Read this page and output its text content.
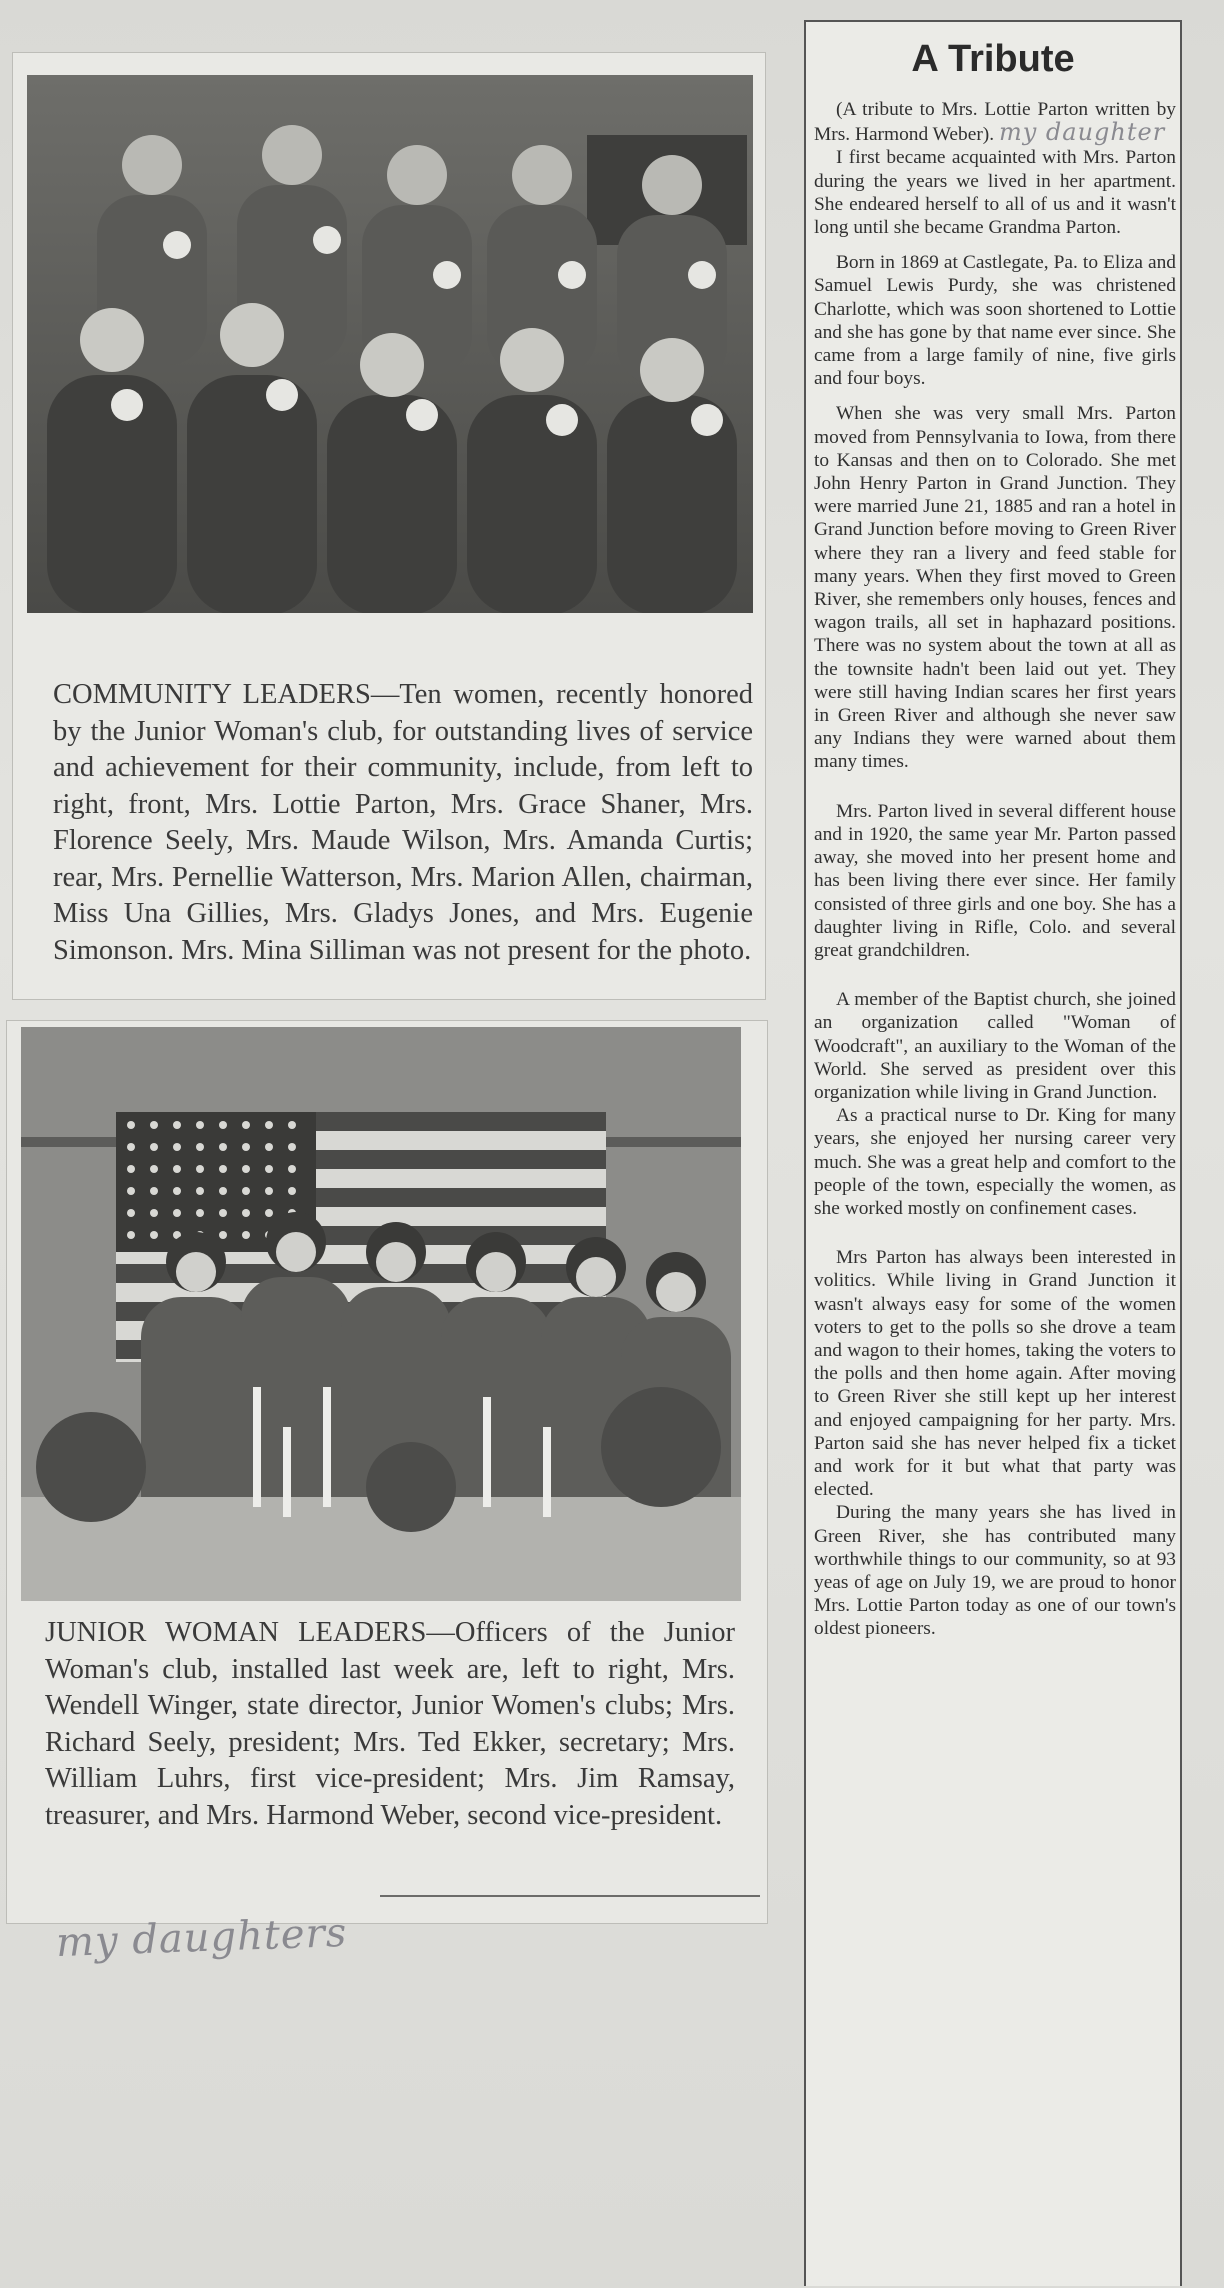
COMMUNITY LEADERS—Ten women, recently honored by the Junior Woman's club, for outstanding lives of service and achievement for their community, include, from left to right, front, Mrs. Lottie Parton, Mrs. Grace Shaner, Mrs. Florence Seely, Mrs. Maude Wilson, Mrs. Amanda Curtis; rear, Mrs. Pernellie Watterson, Mrs. Marion Allen, chairman, Miss Una Gillies, Mrs. Gladys Jones, and Mrs. Eugenie Simonson. Mrs. Mina Silliman was not present for the photo.
JUNIOR WOMAN LEADERS—Officers of the Junior Woman's club, installed last week are, left to right, Mrs. Wendell Winger, state director, Junior Women's clubs; Mrs. Richard Seely, president; Mrs. Ted Ekker, secretary; Mrs. William Luhrs, first vice-president; Mrs. Jim Ramsay, treasurer, and Mrs. Harmond Weber, second vice-president.
my daughters
A Tribute

(A tribute to Mrs. Lottie Parton written by Mrs. Harmond Weber). my daughter

I first became acquainted with Mrs. Parton during the years we lived in her apartment. She endeared herself to all of us and it wasn't long until she became Grandma Parton.

Born in 1869 at Castlegate, Pa. to Eliza and Samuel Lewis Purdy, she was christened Charlotte, which was soon shortened to Lottie and she has gone by that name ever since. She came from a large family of nine, five girls and four boys.

When she was very small Mrs. Parton moved from Pennsylvania to Iowa, from there to Kansas and then on to Colorado. She met John Henry Parton in Grand Junction. They were married June 21, 1885 and ran a hotel in Grand Junction before moving to Green River where they ran a livery and feed stable for many years. When they first moved to Green River, she remembers only houses, fences and wagon trails, all set in haphazard positions. There was no system about the town at all as the townsite hadn't been laid out yet. They were still having Indian scares her first years in Green River and although she never saw any Indians they were warned about them many times.

Mrs. Parton lived in several different house and in 1920, the same year Mr. Parton passed away, she moved into her present home and has been living there ever since. Her family consisted of three girls and one boy. She has a daughter living in Rifle, Colo. and several great grandchildren.

A member of the Baptist church, she joined an organization called "Woman of Woodcraft", an auxiliary to the Woman of the World. She served as president over this organization while living in Grand Junction.

As a practical nurse to Dr. King for many years, she enjoyed her nursing career very much. She was a great help and comfort to the people of the town, especially the women, as she worked mostly on confinement cases.

Mrs Parton has always been interested in volitics. While living in Grand Junction it wasn't always easy for some of the women voters to get to the polls so she drove a team and wagon to their homes, taking the voters to the polls and then home again. After moving to Green River she still kept up her interest and enjoyed campaigning for her party. Mrs. Parton said she has never helped fix a ticket and work for it but what that party was elected.

During the many years she has lived in Green River, she has contributed many worthwhile things to our community, so at 93 yeas of age on July 19, we are proud to honor Mrs. Lottie Parton today as one of our town's oldest pioneers.
